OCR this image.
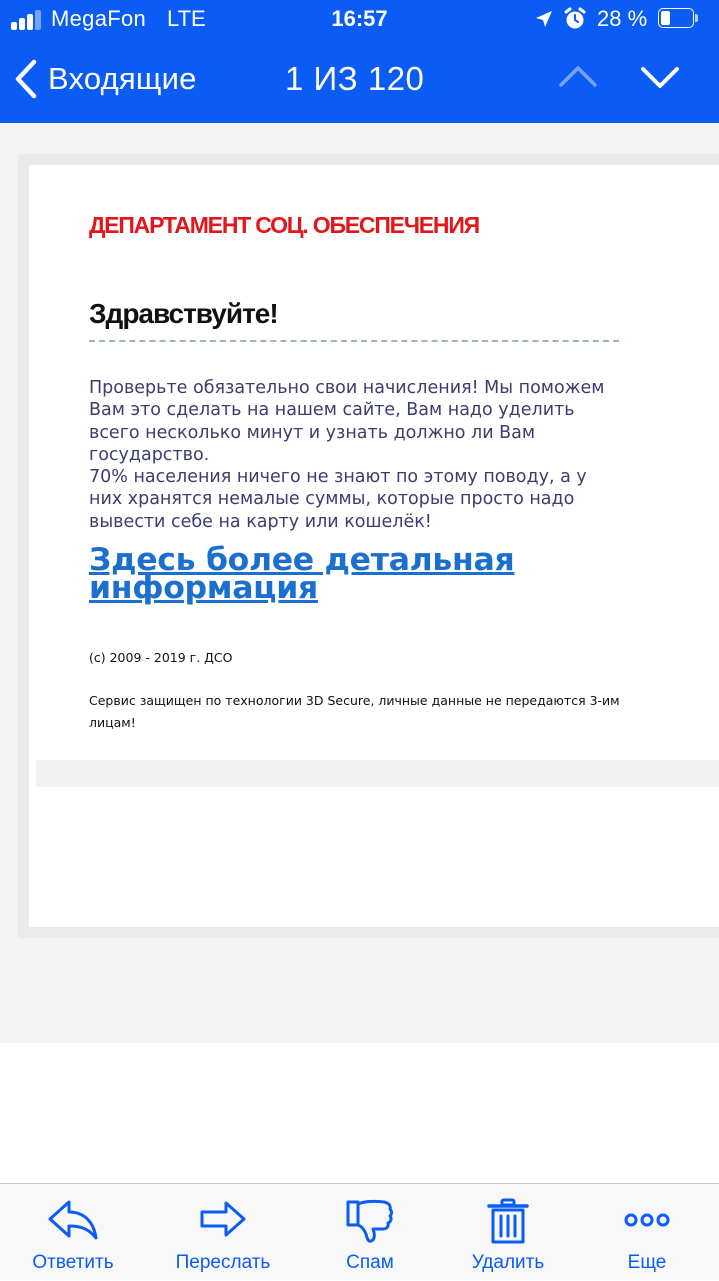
MegaFon LTE	16:57	28 %
Входящие	1 ИЗ 120
ДЕПАРТАМЕНТ СОЦ. ОБЕСПЕЧЕНИЯ
Здравствуйте!

Проверьте обязательно свои начисления! Мы поможем Вам это сделать на нашем сайте, Вам надо уделить всего несколько минут и узнать должно ли Вам государство.

70% населения ничего не знают по этому поводу, а у них хранятся немалые суммы, которые просто надо вывести себе на карту или кошелёк!

Здесь более детальная информация
(c) 2009 - 2019 г. ДСО
Сервис защищен по технологии 3D Secure, личные данные не передаются 3-им лицам!
Ответить	Переслать	Спам	Удалить	Еще
